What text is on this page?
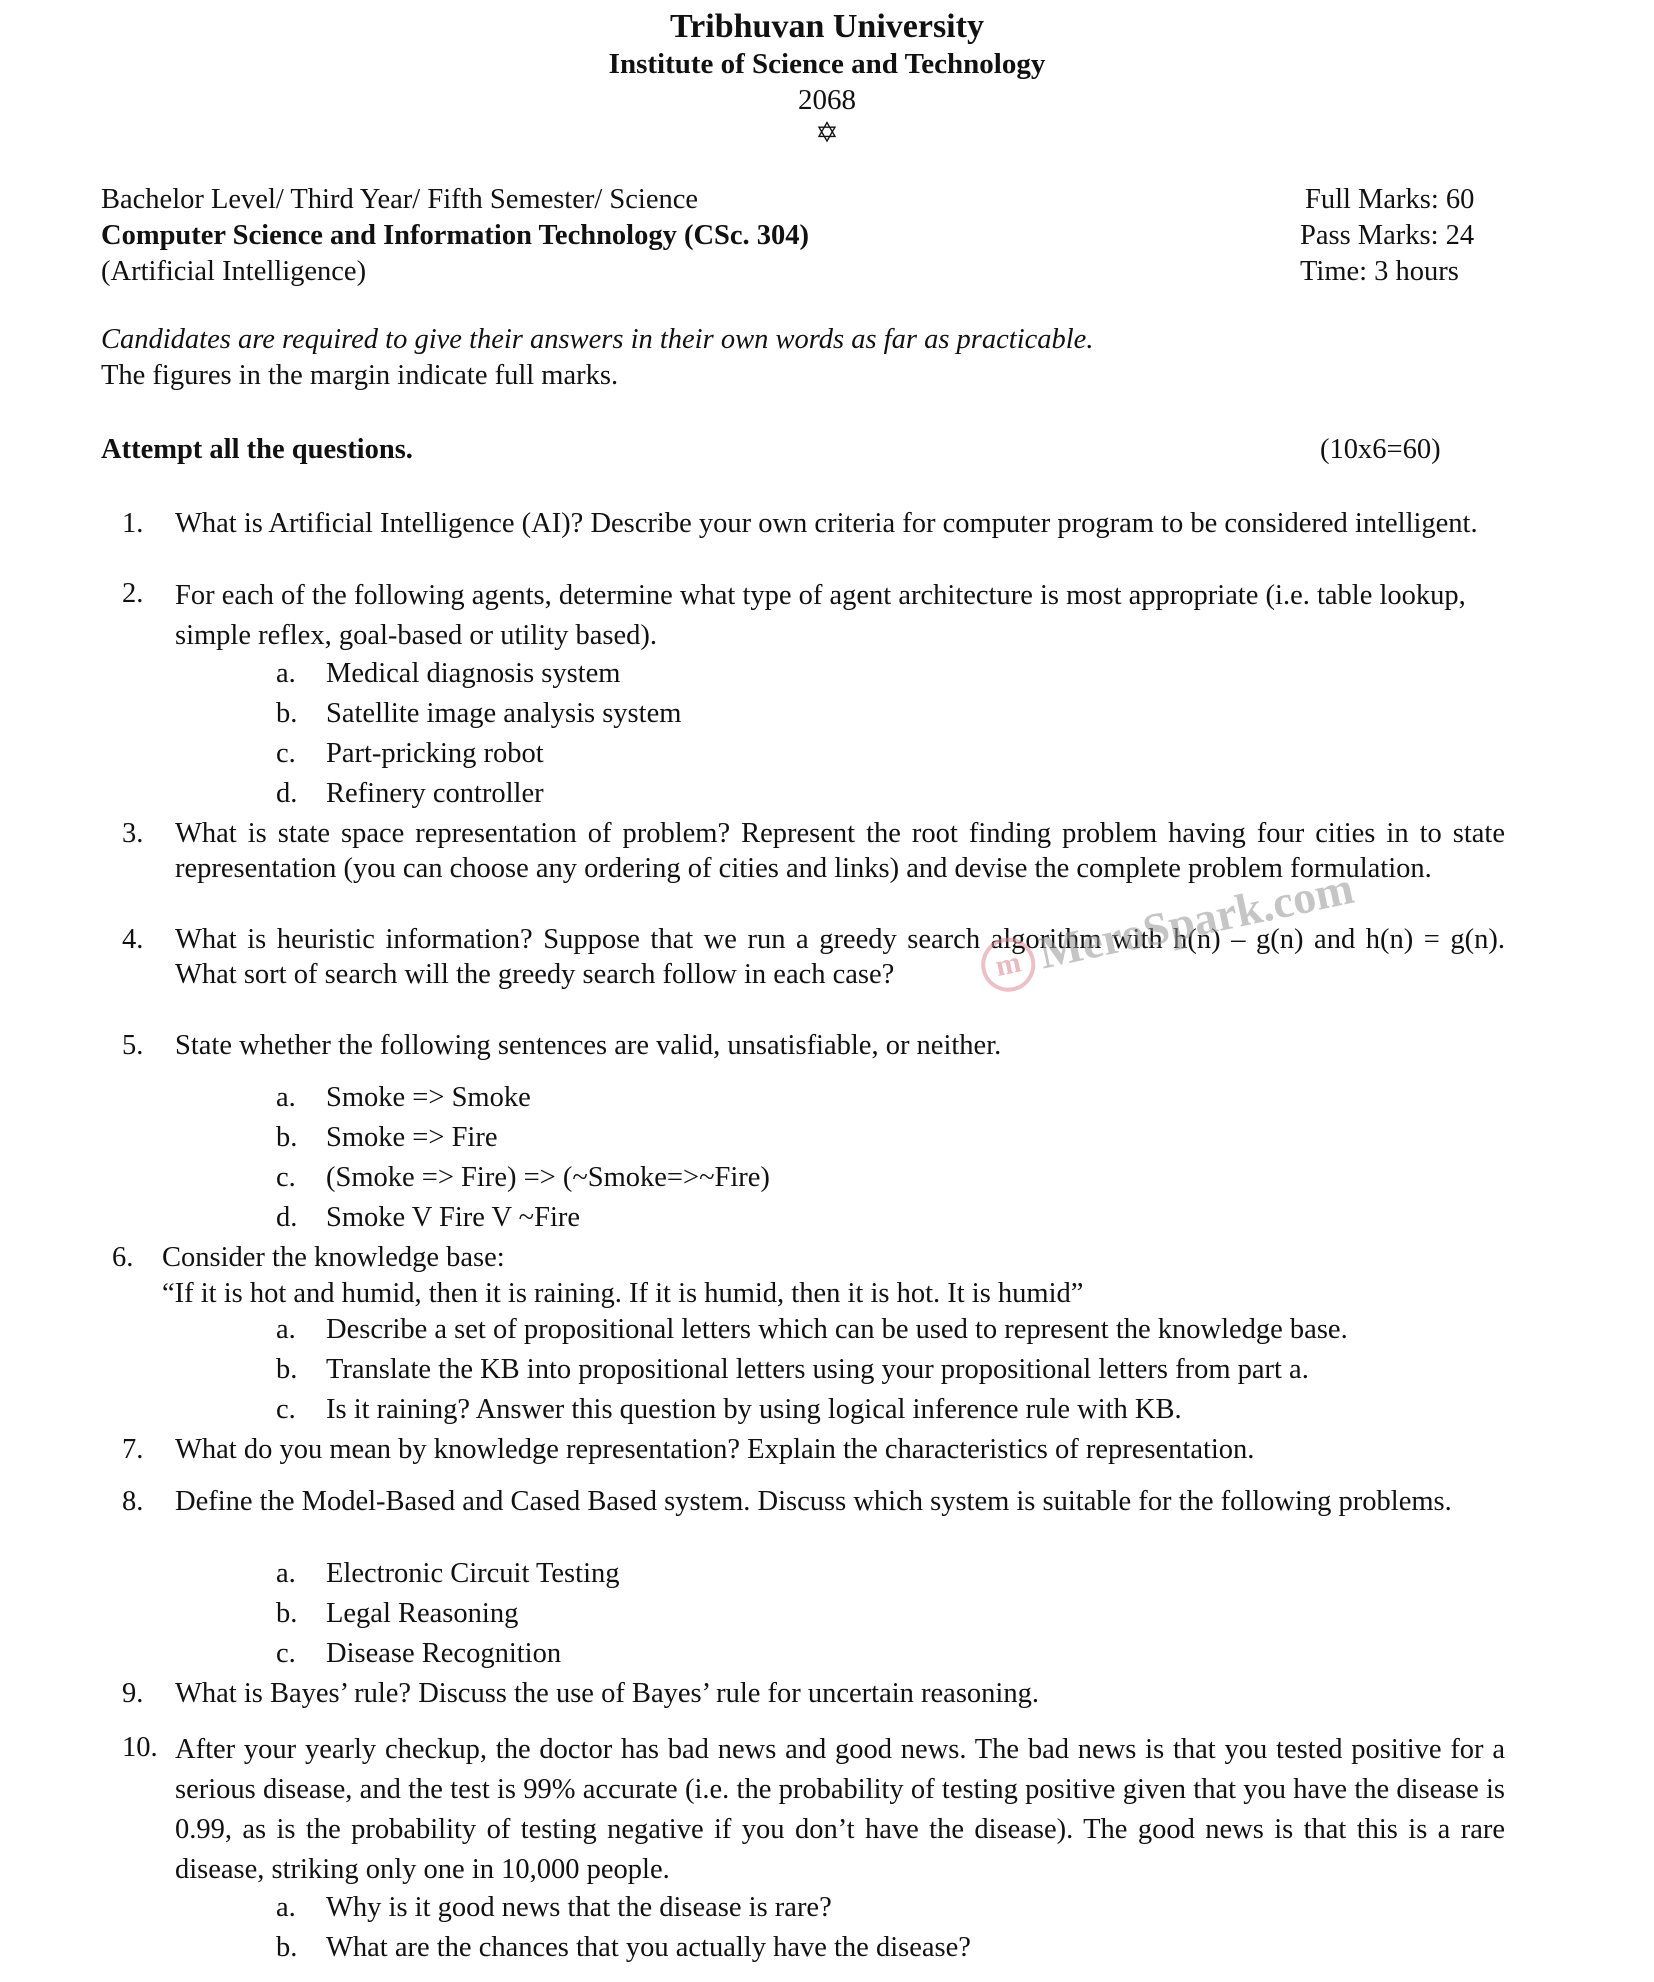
Tribhuvan University
Institute of Science and Technology
2068
✡
Bachelor Level/ Third Year/ Fifth Semester/ Science
Computer Science and Information Technology (CSc. 304)
(Artificial Intelligence)
Full Marks: 60
Pass Marks: 24
Time: 3 hours
Candidates are required to give their answers in their own words as far as practicable.
The figures in the margin indicate full marks.
Attempt all the questions.	(10x6=60)
1.	What is Artificial Intelligence (AI)? Describe your own criteria for computer program to be considered intelligent.
2.	For each of the following agents, determine what type of agent architecture is most appropriate (i.e. table lookup, simple reflex, goal-based or utility based).
a.	Medical diagnosis system
b.	Satellite image analysis system
c.	Part-pricking robot
d.	Refinery controller
3.	What is state space representation of problem? Represent the root finding problem having four cities in to state representation (you can choose any ordering of cities and links) and devise the complete problem formulation.
4.	What is heuristic information? Suppose that we run a greedy search algorithm with h(n) – g(n) and h(n) = g(n). What sort of search will the greedy search follow in each case?
5.	State whether the following sentences are valid, unsatisfiable, or neither.
a.	Smoke => Smoke
b.	Smoke => Fire
c.	(Smoke => Fire) => (~Smoke=>~Fire)
d.	Smoke V Fire V ~Fire
6.	Consider the knowledge base:
“If it is hot and humid, then it is raining. If it is humid, then it is hot. It is humid”
a.	Describe a set of propositional letters which can be used to represent the knowledge base.
b.	Translate the KB into propositional letters using your propositional letters from part a.
c.	Is it raining? Answer this question by using logical inference rule with KB.
7.	What do you mean by knowledge representation? Explain the characteristics of representation.
8.	Define the Model-Based and Cased Based system. Discuss which system is suitable for the following problems.
a.	Electronic Circuit Testing
b.	Legal Reasoning
c.	Disease Recognition
9.	What is Bayes’ rule? Discuss the use of Bayes’ rule for uncertain reasoning.
10. After your yearly checkup, the doctor has bad news and good news. The bad news is that you tested positive for a serious disease, and the test is 99% accurate (i.e. the probability of testing positive given that you have the disease is 0.99, as is the probability of testing negative if you don’t have the disease). The good news is that this is a rare disease, striking only one in 10,000 people.
a.	Why is it good news that the disease is rare?
b.	What are the chances that you actually have the disease?
m MeroSpark.com
